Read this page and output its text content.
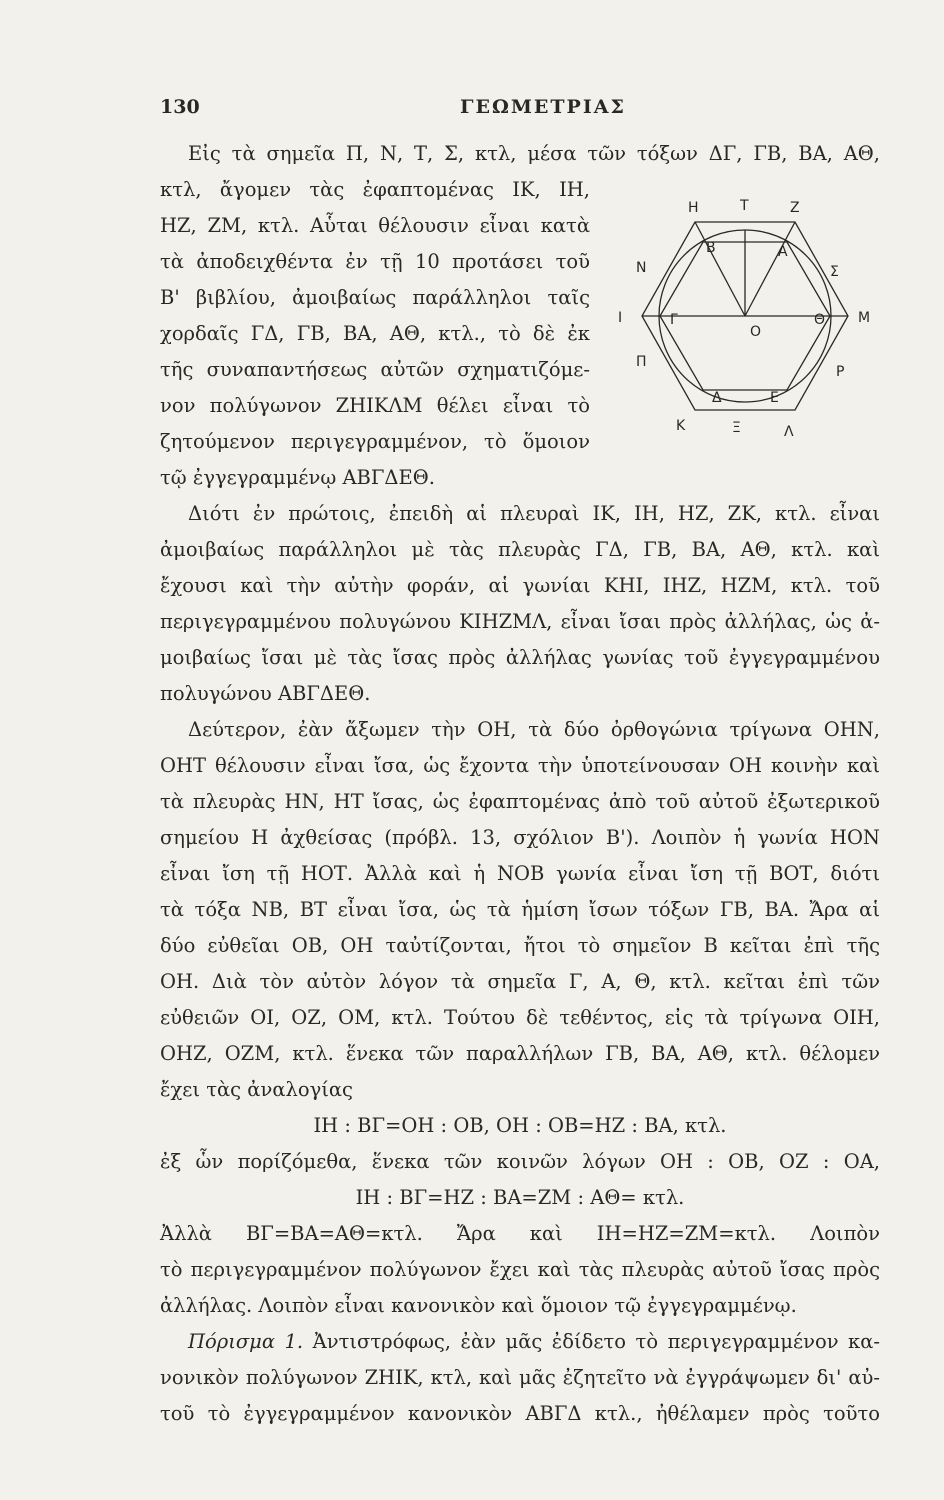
130	ΓΕΩΜΕΤΡΙΑΣ
Εἰς τὰ σημεῖα Π, Ν, Τ, Σ, κτλ, μέσα τῶν τόξων ΔΓ, ΓΒ, ΒΑ, ΑΘ,
κτλ, ἄγομεν τὰς ἐφαπτομένας ΙΚ, ΙΗ,
ΗΖ, ΖΜ, κτλ. Αὗται θέλουσιν εἶναι κατὰ
τὰ ἀποδειχθέντα ἐν τῇ 10 προτάσει τοῦ
Β' βιβλίου, ἀμοιβαίως παράλληλοι ταῖς
χορδαῖς ΓΔ, ΓΒ, ΒΑ, ΑΘ, κτλ., τὸ δὲ ἐκ
τῆς συναπαντήσεως αὐτῶν σχηματιζόμε-
νον πολύγωνον ΖΗΙΚΛΜ θέλει εἶναι τὸ
ζητούμενον περιγεγραμμένον, τὸ ὅμοιον
τῷ ἐγγεγραμμένῳ ΑΒΓΔΕΘ.
Διότι ἐν πρώτοις, ἐπειδὴ αἱ πλευραὶ ΙΚ, ΙΗ, ΗΖ, ΖΚ, κτλ. εἶναι
ἀμοιβαίως παράλληλοι μὲ τὰς πλευρὰς ΓΔ, ΓΒ, ΒΑ, ΑΘ, κτλ. καὶ
ἔχουσι καὶ τὴν αὐτὴν φοράν, αἱ γωνίαι ΚΗΙ, ΙΗΖ, ΗΖΜ, κτλ. τοῦ
περιγεγραμμένου πολυγώνου ΚΙΗΖΜΛ, εἶναι ἴσαι πρὸς ἀλλήλας, ὡς ἀ-
μοιβαίως ἴσαι μὲ τὰς ἴσας πρὸς ἀλλήλας γωνίας τοῦ ἐγγεγραμμένου
πολυγώνου ΑΒΓΔΕΘ.
Δεύτερον, ἐὰν ἄξωμεν τὴν ΟΗ, τὰ δύο ὀρθογώνια τρίγωνα ΟΗΝ,
ΟΗΤ θέλουσιν εἶναι ἴσα, ὡς ἔχοντα τὴν ὑποτείνουσαν ΟΗ κοινὴν καὶ
τὰ πλευρὰς ΗΝ, ΗΤ ἴσας, ὡς ἐφαπτομένας ἀπὸ τοῦ αὐτοῦ ἐξωτερικοῦ
σημείου Η ἀχθείσας (πρόβλ. 13, σχόλιον Β'). Λοιπὸν ἡ γωνία ΗΟΝ
εἶναι ἴση τῇ ΗΟΤ. Ἀλλὰ καὶ ἡ ΝΟΒ γωνία εἶναι ἴση τῇ ΒΟΤ, διότι
τὰ τόξα ΝΒ, ΒΤ εἶναι ἴσα, ὡς τὰ ἡμίση ἴσων τόξων ΓΒ, ΒΑ. Ἄρα αἱ
δύο εὐθεῖαι ΟΒ, ΟΗ ταὐτίζονται, ἤτοι τὸ σημεῖον Β κεῖται ἐπὶ τῆς
ΟΗ. Διὰ τὸν αὐτὸν λόγον τὰ σημεῖα Γ, Α, Θ, κτλ. κεῖται ἐπὶ τῶν
εὐθειῶν ΟΙ, ΟΖ, ΟΜ, κτλ. Τούτου δὲ τεθέντος, εἰς τὰ τρίγωνα ΟΙΗ,
ΟΗΖ, ΟΖΜ, κτλ. ἕνεκα τῶν παραλλήλων ΓΒ, ΒΑ, ΑΘ, κτλ. θέλομεν
ἔχει τὰς ἀναλογίας
ΙΗ : ΒΓ=ΟΗ : ΟΒ, ΟΗ : ΟΒ=ΗΖ : ΒΑ, κτλ.
ἐξ ὧν πορίζόμεθα, ἕνεκα τῶν κοινῶν λόγων ΟΗ : ΟΒ, ΟΖ : ΟΑ,
ΙΗ : ΒΓ=ΗΖ : ΒΑ=ΖΜ : ΑΘ= κτλ.
Ἀλλὰ ΒΓ=ΒΑ=ΑΘ=κτλ. Ἄρα καὶ ΙΗ=ΗΖ=ΖΜ=κτλ. Λοιπὸν
τὸ περιγεγραμμένον πολύγωνον ἔχει καὶ τὰς πλευρὰς αὐτοῦ ἴσας πρὸς
ἀλλήλας. Λοιπὸν εἶναι κανονικὸν καὶ ὅμοιον τῷ ἐγγεγραμμένῳ.
Πόρισμα 1. Ἀντιστρόφως, ἐὰν μᾶς ἐδίδετο τὸ περιγεγραμμένον κα-
νονικὸν πολύγωνον ΖΗΙΚ, κτλ, καὶ μᾶς ἐζητεῖτο νὰ ἐγγράψωμεν δι' αὐ-
τοῦ τὸ ἐγγεγραμμένον κανονικὸν ΑΒΓΔ κτλ., ἠθέλαμεν πρὸς τοῦτο
Η	Τ	Ζ
Ν
Β	Α
Σ
Ι	Γ
Ο
Θ Μ
Π
Δ	Ε
Ρ
Κ	Ξ	Λ
